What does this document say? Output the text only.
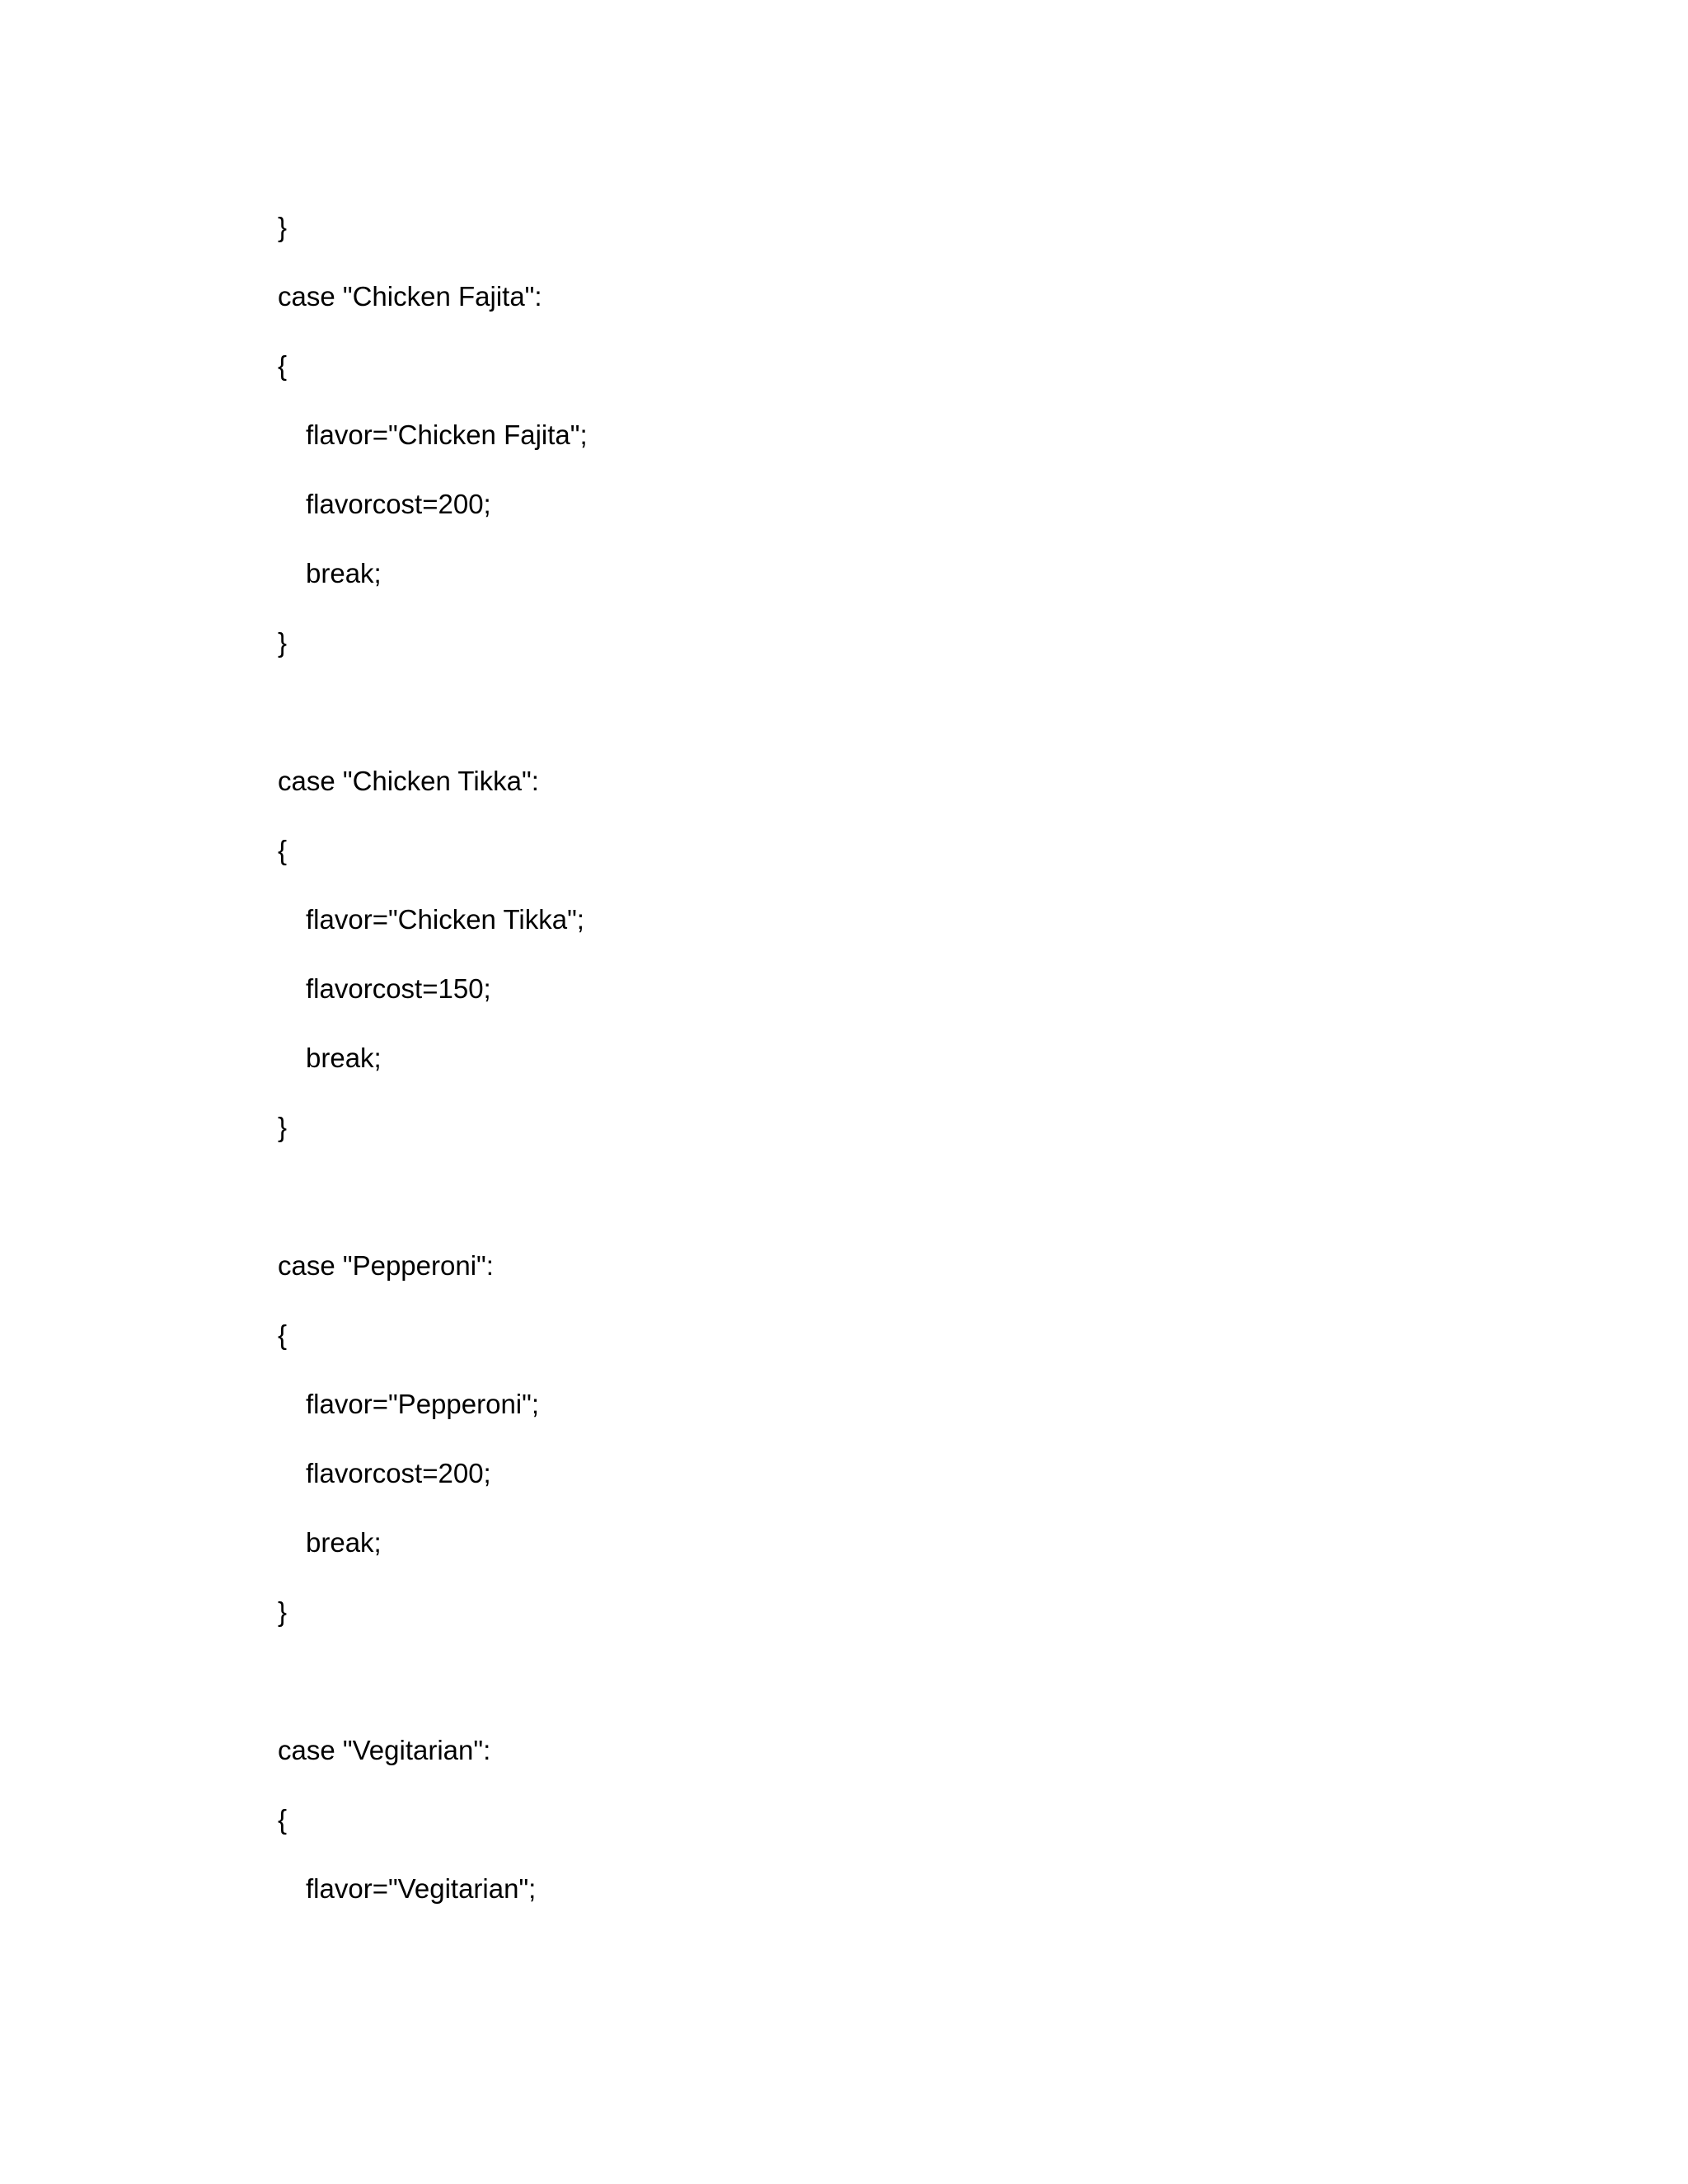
}
case "Chicken Fajita":
{
flavor="Chicken Fajita";
flavorcost=200;
break;
}
case "Chicken Tikka":
{
flavor="Chicken Tikka";
flavorcost=150;
break;
}
case "Pepperoni":
{
flavor="Pepperoni";
flavorcost=200;
break;
}
case "Vegitarian":
{
flavor="Vegitarian";
